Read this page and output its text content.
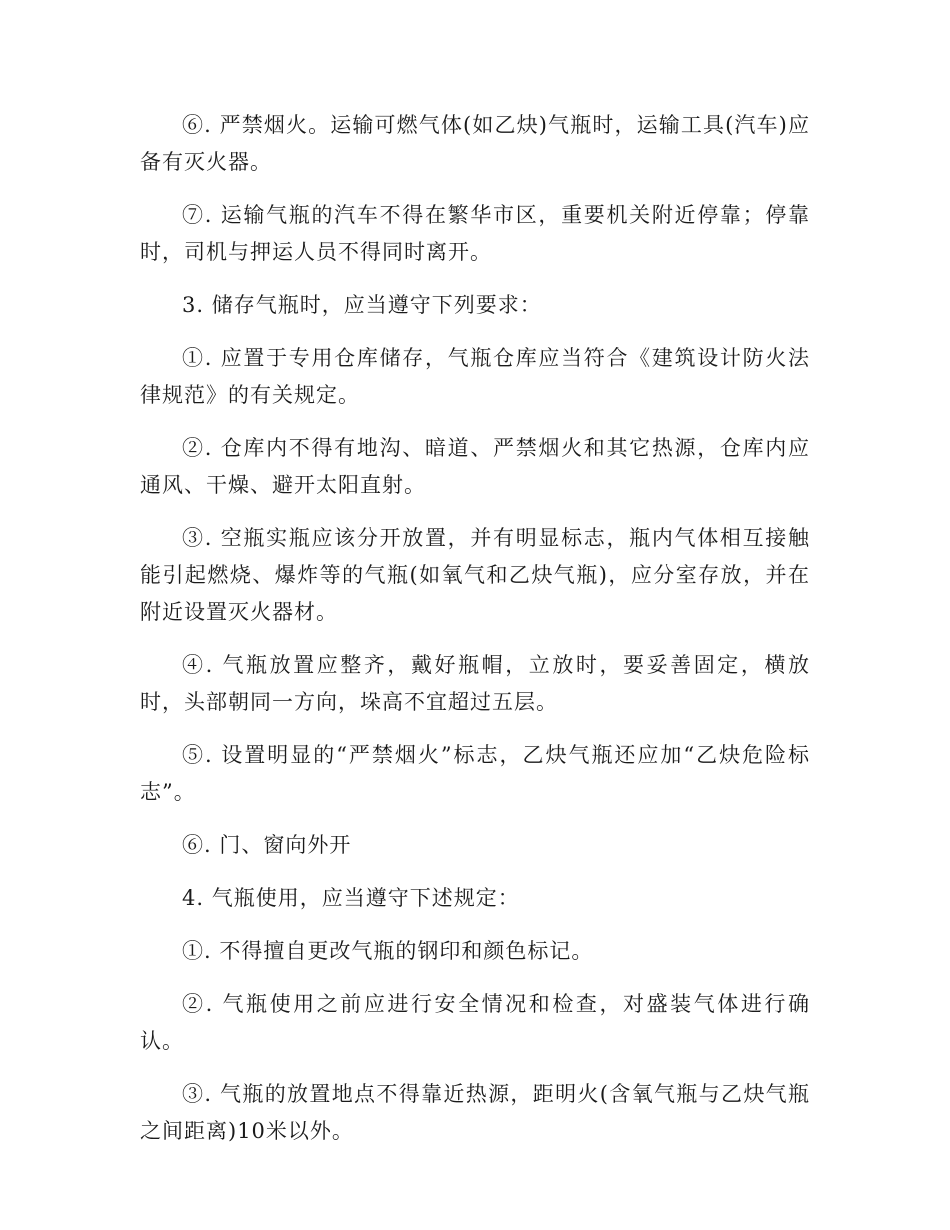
⑥. 严禁烟火。运输可燃气体(如乙炔)气瓶时，运输工具(汽车)应备有灭火器。

⑦. 运输气瓶的汽车不得在繁华市区，重要机关附近停靠；停靠时，司机与押运人员不得同时离开。

3. 储存气瓶时，应当遵守下列要求：

①. 应置于专用仓库储存，气瓶仓库应当符合《建筑设计防火法律规范》的有关规定。

②. 仓库内不得有地沟、暗道、严禁烟火和其它热源，仓库内应通风、干燥、避开太阳直射。

③. 空瓶实瓶应该分开放置，并有明显标志，瓶内气体相互接触能引起燃烧、爆炸等的气瓶(如氧气和乙炔气瓶)，应分室存放，并在附近设置灭火器材。

④. 气瓶放置应整齐，戴好瓶帽，立放时，要妥善固定，横放时，头部朝同一方向，垛高不宜超过五层。

⑤. 设置明显的“严禁烟火”标志，乙炔气瓶还应加“乙炔危险标志”。

⑥. 门、窗向外开

4. 气瓶使用，应当遵守下述规定：

①. 不得擅自更改气瓶的钢印和颜色标记。

②. 气瓶使用之前应进行安全情况和检查，对盛装气体进行确认。

③. 气瓶的放置地点不得靠近热源，距明火(含氧气瓶与乙炔气瓶之间距离)10米以外。
